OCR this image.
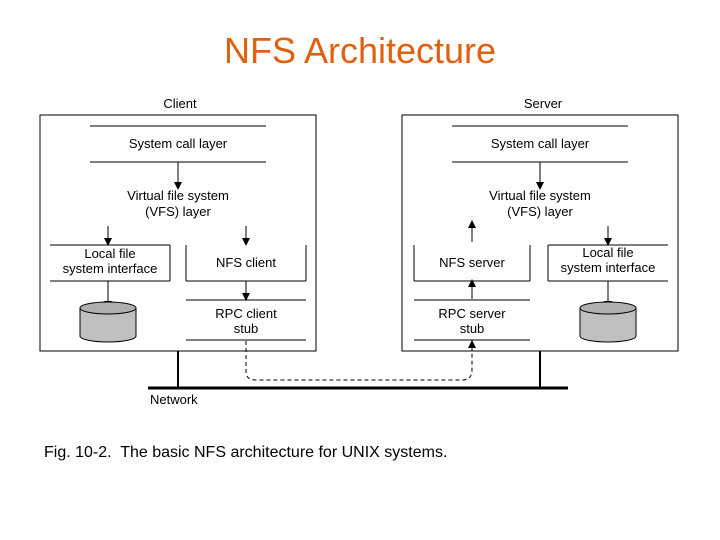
NFS Architecture
Client
System call layer
Virtual file system
(VFS) layer
Local file
system interface	NFS client
RPC client
stub
Server
System call layer
Virtual file system
(VFS) layer
NFS server
Local file
system interface
RPC server
stub
Network
Fig. 10-2.  The basic NFS architecture for UNIX systems.
